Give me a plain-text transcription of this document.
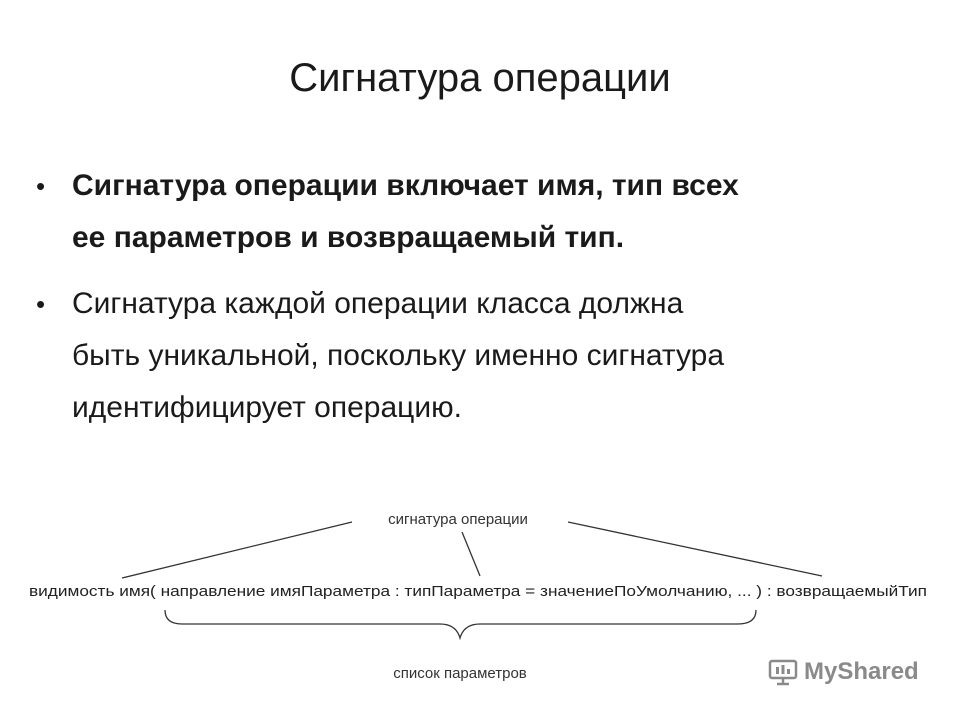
Сигнатура операции
• Сигнатура операции включает имя, тип всех
ее параметров и возвращаемый тип.
• Сигнатура каждой операции класса должна
быть уникальной, поскольку именно сигнатура
идентифицирует операцию.
сигнатура операции
видимость имя( направление имяПараметра : типПараметра = значениеПоУмолчанию, ... ) : возвращаемыйТип
список параметров	MyShared
